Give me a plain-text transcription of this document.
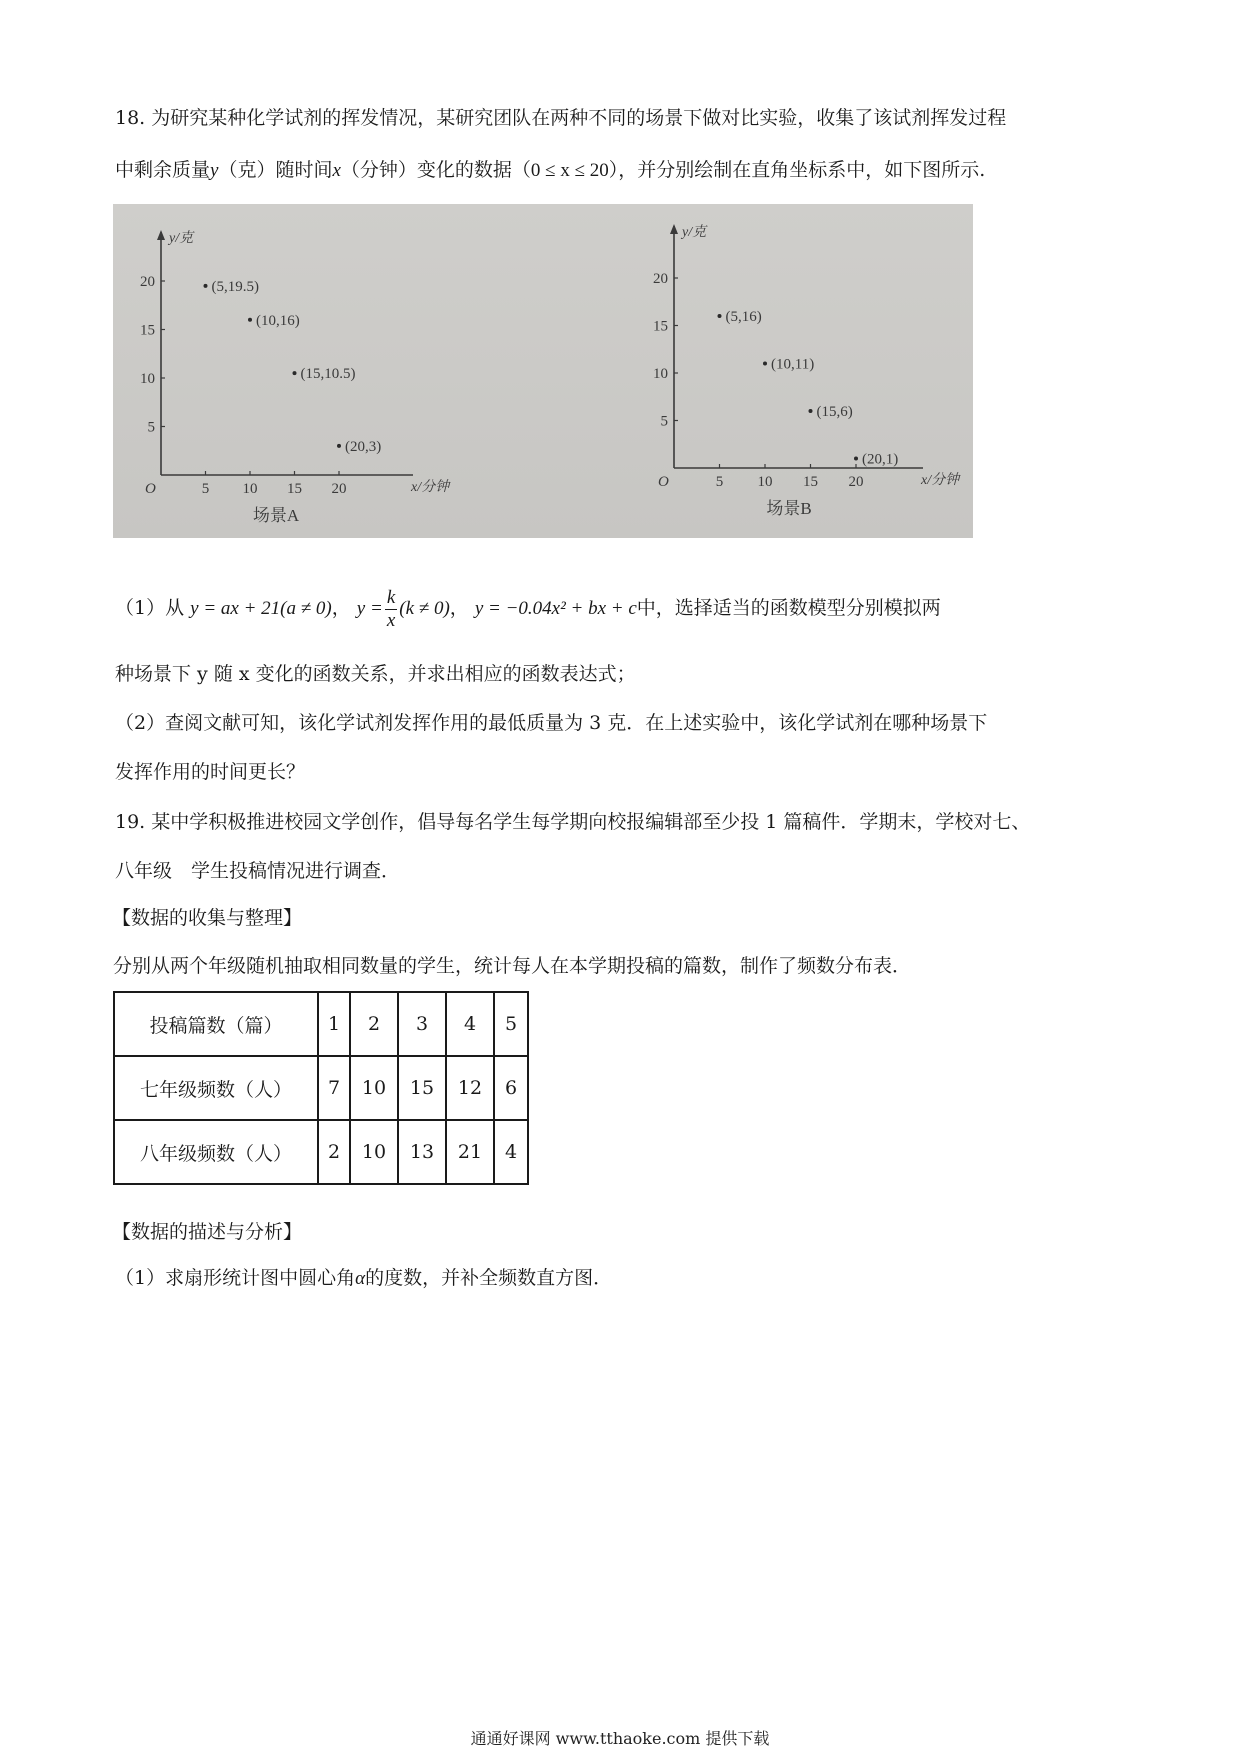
18. 为研究某种化学试剂的挥发情况，某研究团队在两种不同的场景下做对比实验，收集了该试剂挥发过程
中剩余质量y（克）随时间x（分钟）变化的数据（0 ≤ x ≤ 20），并分别绘制在直角坐标系中，如下图所示.
y/克
x/分钟
O	5 10 15 20
5
10
15
20	(5,19.5)
(10,16)
(15,10.5)
(20,3)
场景A
y/克
x/分钟
O	5 10 15 20
5
10
15
20
(5,16)
(10,11)
(15,6)
(20,1)
场景B
（1）从 y = ax + 21(a ≠ 0)， $y = \frac{k}{x} (k \ne 0)$， y = −0.04x² + bx + c中，选择适当的函数模型分别模拟两
种场景下 y 随 x 变化的函数关系，并求出相应的函数表达式；
（2）查阅文献可知，该化学试剂发挥作用的最低质量为 3 克．在上述实验中，该化学试剂在哪种场景下
发挥作用的时间更长？
19. 某中学积极推进校园文学创作，倡导每名学生每学期向校报编辑部至少投 1 篇稿件．学期末，学校对七、
八年级　学生投稿情况进行调查．
【数据的收集与整理】
分别从两个年级随机抽取相同数量的学生，统计每人在本学期投稿的篇数，制作了频数分布表．
投稿篇数（篇）	1	2	3	4	5
七年级频数（人）	7	10	15	12	6
八年级频数（人）	2	10	13	21	4
【数据的描述与分析】
（1）求扇形统计图中圆心角α的度数，并补全频数直方图．
通通好课网 www.tthaoke.com 提供下载
